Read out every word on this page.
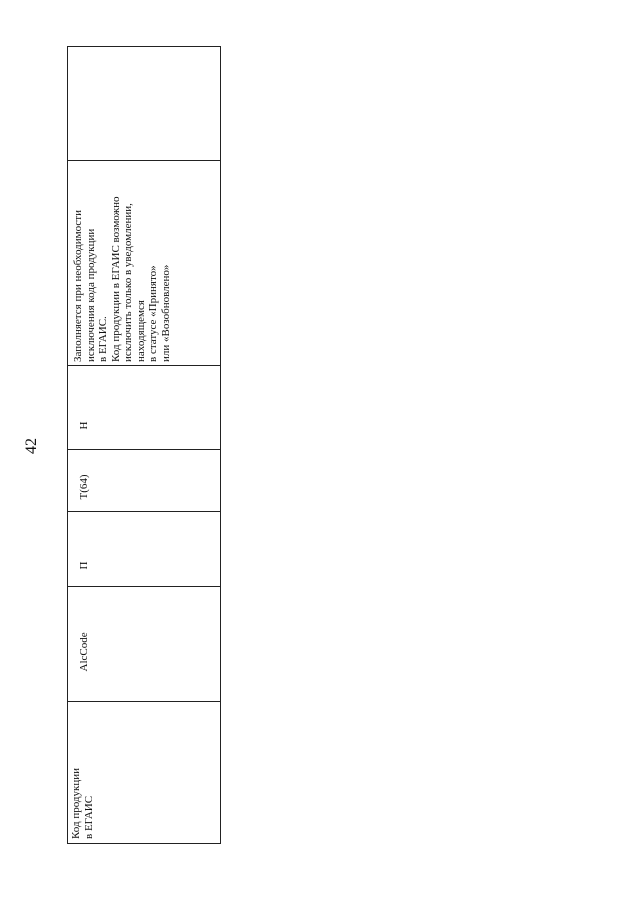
42
Заполняется при необходимости исключения кода продукции в ЕГАИС. Код продукции в ЕГАИС возможно исключить только в уведомлении, находящемся в статусе «Принято» или «Возобновлено»
Н
Т(64)
П
AlcCode
Код продукции в ЕГАИС
